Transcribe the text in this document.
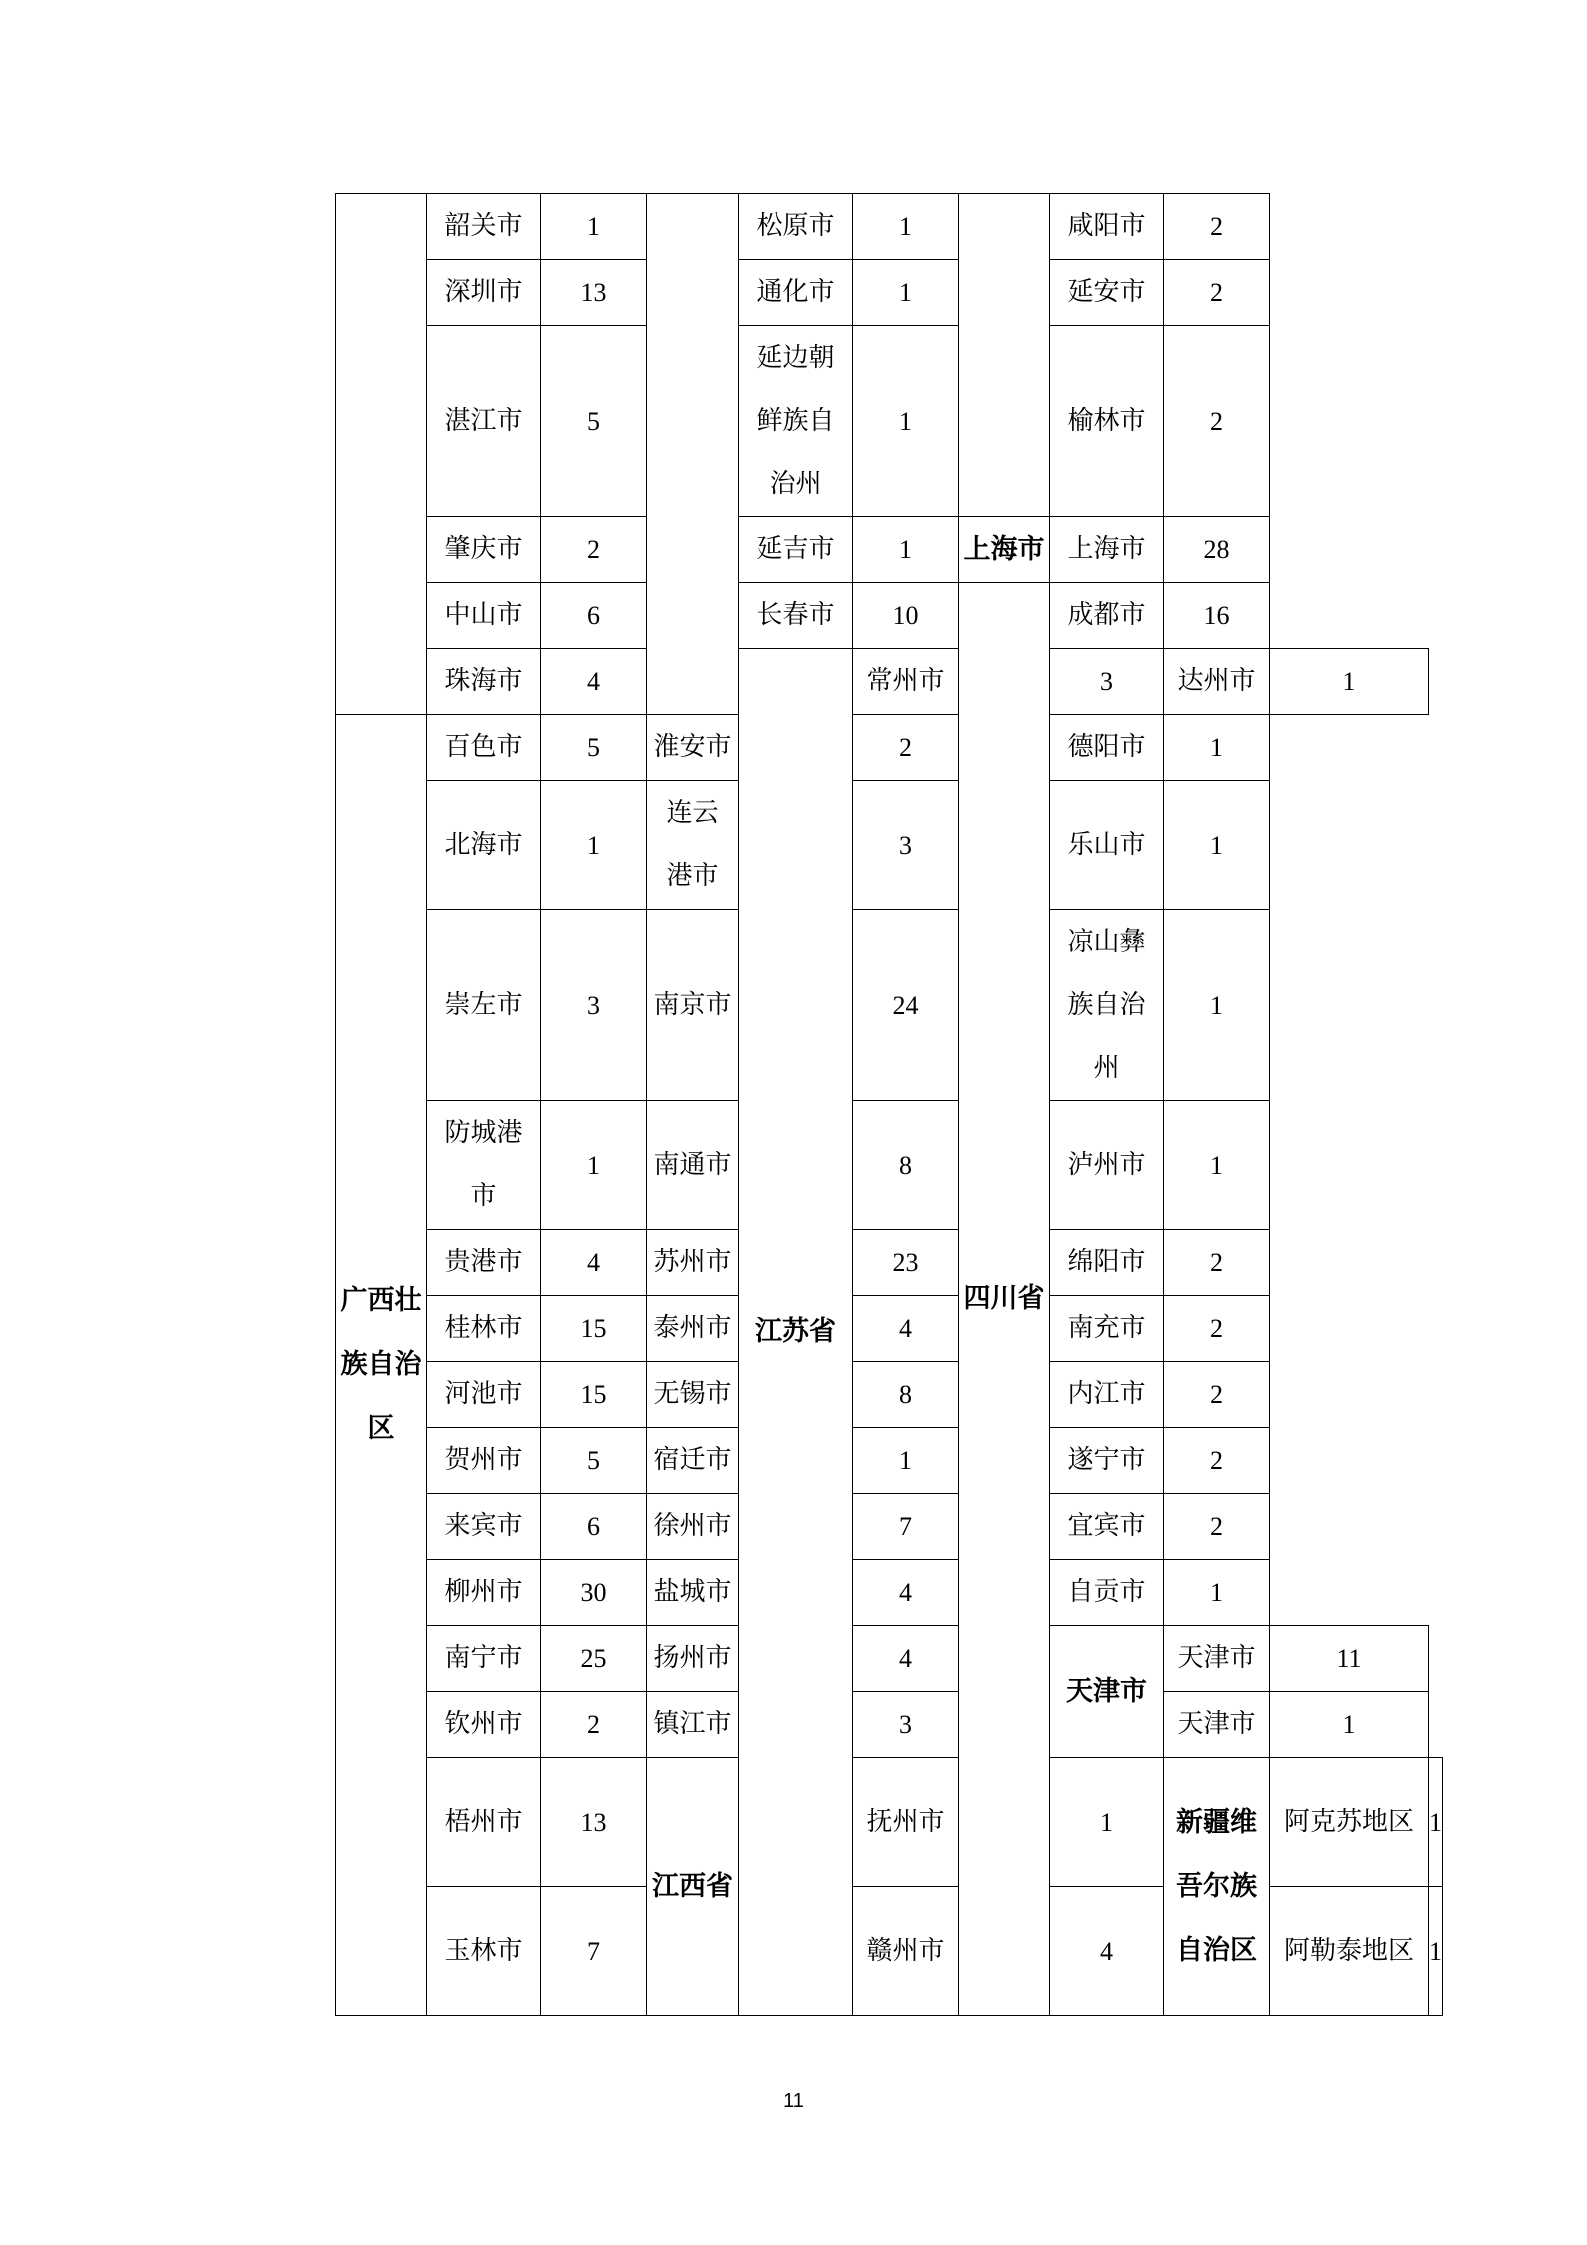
	韶关市	1		松原市	1		咸阳市	2		
	深圳市	13		通化市	1		延安市	2		
	湛江市	5		延边朝鲜族自治州	1		榆林市	2		
	肇庆市	2		延吉市	1	上海市	上海市	28		
	中山市	6		长春市	10	四川省	成都市	16		
	珠海市	4		江苏省	常州市		3	达州市	1	
广西壮族自治区	百色市	5	淮安市		2		德阳市	1		
	北海市	1	连云港市		3		乐山市	1		
	崇左市	3	南京市		24		凉山彝族自治州	1		
	防城港市	1	南通市		8		泸州市	1		
	贵港市	4	苏州市		23		绵阳市	2		
	桂林市	15	泰州市		4		南充市	2		
	河池市	15	无锡市		8		内江市	2		
	贺州市	5	宿迁市		1		遂宁市	2		
	来宾市	6	徐州市		7		宜宾市	2		
	柳州市	30	盐城市		4		自贡市	1		
	南宁市	25	扬州市		4		天津市	天津市	11	
	钦州市	2	镇江市		3			天津市	1	
	梧州市	13	江西省		抚州市		1	新疆维吾尔族自治区	阿克苏地区	1
	玉林市	7			赣州市		4		阿勒泰地区	1
11
